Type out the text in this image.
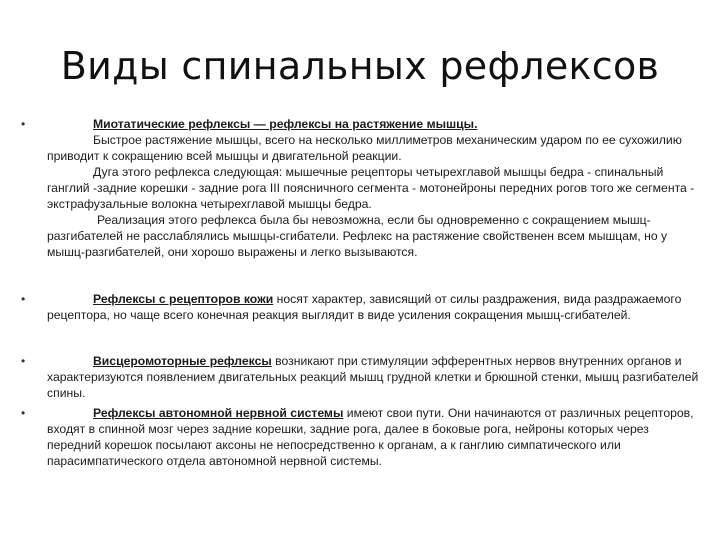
Виды спинальных рефлексов
•	Миотатические рефлексы — рефлексы на растяжение мышцы.

Быстрое растяжение мышцы, всего на несколько миллиметров механическим ударом по ее сухожилию приводит к сокращению всей мышцы и двигательной реакции.

Дуга этого рефлекса следующая: мышечные рецепторы четырехглавой мышцы бедра - спинальный ганглий -задние корешки - задние рога III поясничного сегмента - мотонейроны передних рогов того же сегмента - экстрафузальные волокна четырехглавой мышцы бедра.

Реализация этого рефлекса была бы невозможна, если бы одновременно с сокращением мышц-разгибателей не расслаблялись мышцы-сгибатели. Рефлекс на растяжение свойственен всем мышцам, но у мышц-разгибателей, они хорошо выражены и легко вызываются.

•	Рефлексы с рецепторов кожи носят характер, зависящий от силы раздражения, вида раздражаемого рецептора, но чаще всего конечная реакция выглядит в виде усиления сокращения мышц-сгибателей.

•	Висцеромоторные рефлексы возникают при стимуляции эфферентных нервов внутренних органов и характеризуются появлением двигательных реакций мышц грудной клетки и брюшной стенки, мышц разгибателей спины.

•	Рефлексы автономной нервной системы имеют свои пути. Они начинаются от различных рецепторов, входят в спинной мозг через задние корешки, задние рога, далее в боковые рога, нейроны которых через передний корешок посылают аксоны не непосредственно к органам, а к ганглию симпатического или парасимпатического отдела автономной нервной системы.
